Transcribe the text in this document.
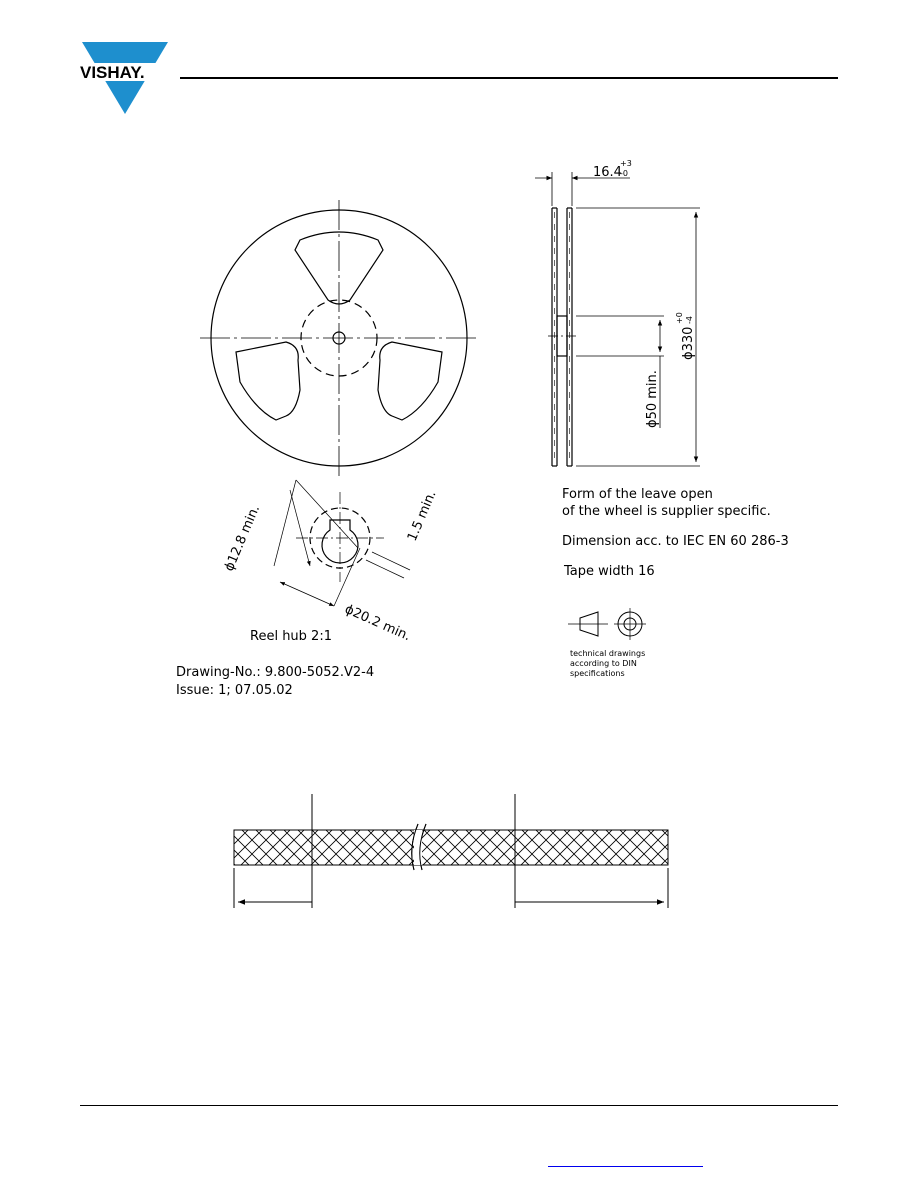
VISHAY.
16.4
+3
-0
ϕ330
+0 -4
ϕ50 min.
ϕ12.8 min.	1.5 min.
ϕ20.2 min.
Reel hub 2:1
Form of the leave open
of the wheel is supplier specific.
Dimension acc. to IEC EN 60 286-3
Tape width 16
technical drawings
according to DIN
specifications
Drawing-No.: 9.800-5052.V2-4
Issue: 1; 07.05.02
